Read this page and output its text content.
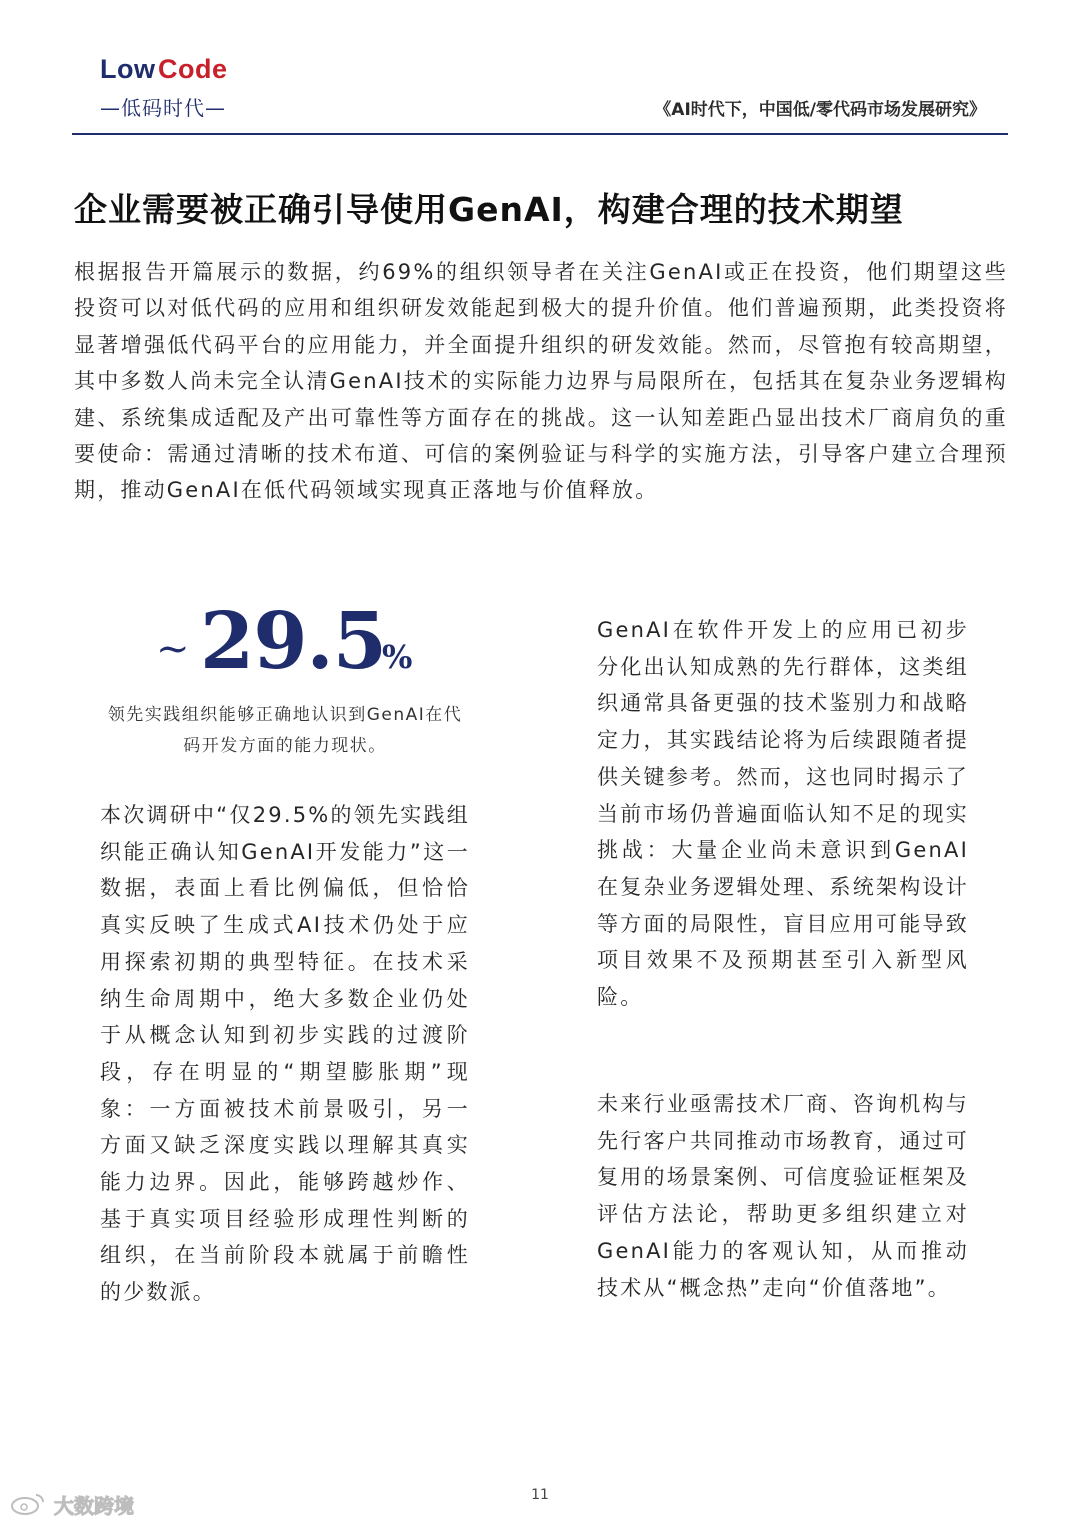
Low Code
—低码时代—	《AI时代下，中国低/零代码市场发展研究》
企业需要被正确引导使用GenAI，构建合理的技术期望

根据报告开篇展示的数据，约69%的组织领导者在关注GenAI或正在投资，他们期望这些投资可以对低代码的应用和组织研发效能起到极大的提升价值。他们普遍预期，此类投资将显著增强低代码平台的应用能力，并全面提升组织的研发效能。然而，尽管抱有较高期望，其中多数人尚未完全认清GenAI技术的实际能力边界与局限所在，包括其在复杂业务逻辑构建、系统集成适配及产出可靠性等方面存在的挑战。这一认知差距凸显出技术厂商肩负的重要使命：需通过清晰的技术布道、可信的案例验证与科学的实施方法，引导客户建立合理预期，推动GenAI在低代码领域实现真正落地与价值释放。

~ 29.5
%

领先实践组织能够正确地认识到GenAI在代码开发方面的能力现状。

本次调研中“仅29.5%的领先实践组织能正确认知GenAI开发能力”这一数据，表面上看比例偏低，但恰恰真实反映了生成式AI技术仍处于应用探索初期的典型特征。在技术采纳生命周期中，绝大多数企业仍处于从概念认知到初步实践的过渡阶段，存在明显的“期望膨胀期”现象：一方面被技术前景吸引，另一方面又缺乏深度实践以理解其真实能力边界。因此，能够跨越炒作、基于真实项目经验形成理性判断的组织，在当前阶段本就属于前瞻性的少数派。

GenAI在软件开发上的应用已初步分化出认知成熟的先行群体，这类组织通常具备更强的技术鉴别力和战略定力，其实践结论将为后续跟随者提供关键参考。然而，这也同时揭示了当前市场仍普遍面临认知不足的现实挑战：大量企业尚未意识到GenAI在复杂业务逻辑处理、系统架构设计等方面的局限性，盲目应用可能导致项目效果不及预期甚至引入新型风险。

未来行业亟需技术厂商、咨询机构与先行客户共同推动市场教育，通过可复用的场景案例、可信度验证框架及评估方法论，帮助更多组织建立对GenAI能力的客观认知，从而推动技术从“概念热”走向“价值落地”。

11
大数跨境
